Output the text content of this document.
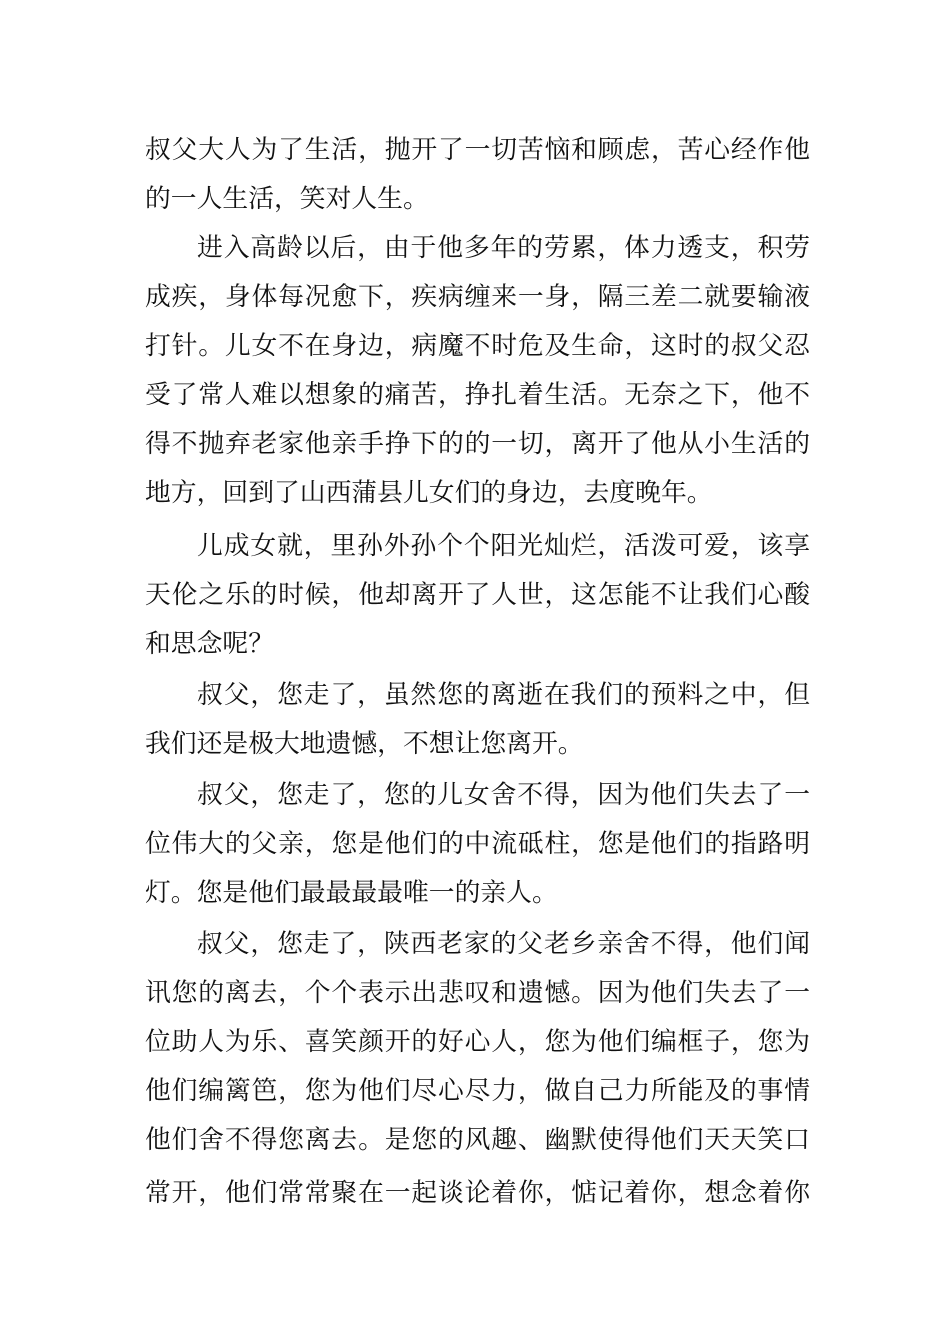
叔父大人为了生活，抛开了一切苦恼和顾虑，苦心经作他
的一人生活，笑对人生。
进入高龄以后，由于他多年的劳累，体力透支，积劳
成疾，身体每况愈下，疾病缠来一身，隔三差二就要输液
打针。儿女不在身边，病魔不时危及生命，这时的叔父忍
受了常人难以想象的痛苦，挣扎着生活。无奈之下，他不
得不抛弃老家他亲手挣下的的一切，离开了他从小生活的
地方，回到了山西蒲县儿女们的身边，去度晚年。
儿成女就，里孙外孙个个阳光灿烂，活泼可爱，该享
天伦之乐的时候，他却离开了人世，这怎能不让我们心酸
和思念呢？
叔父，您走了，虽然您的离逝在我们的预料之中，但
我们还是极大地遗憾，不想让您离开。
叔父，您走了，您的儿女舍不得，因为他们失去了一
位伟大的父亲，您是他们的中流砥柱，您是他们的指路明
灯。您是他们最最最最唯一的亲人。
叔父，您走了，陕西老家的父老乡亲舍不得，他们闻
讯您的离去，个个表示出悲叹和遗憾。因为他们失去了一
位助人为乐、喜笑颜开的好心人，您为他们编框子，您为
他们编篱笆，您为他们尽心尽力，做自己力所能及的事情
他们舍不得您离去。是您的风趣、幽默使得他们天天笑口
常开，他们常常聚在一起谈论着你，惦记着你，想念着你
